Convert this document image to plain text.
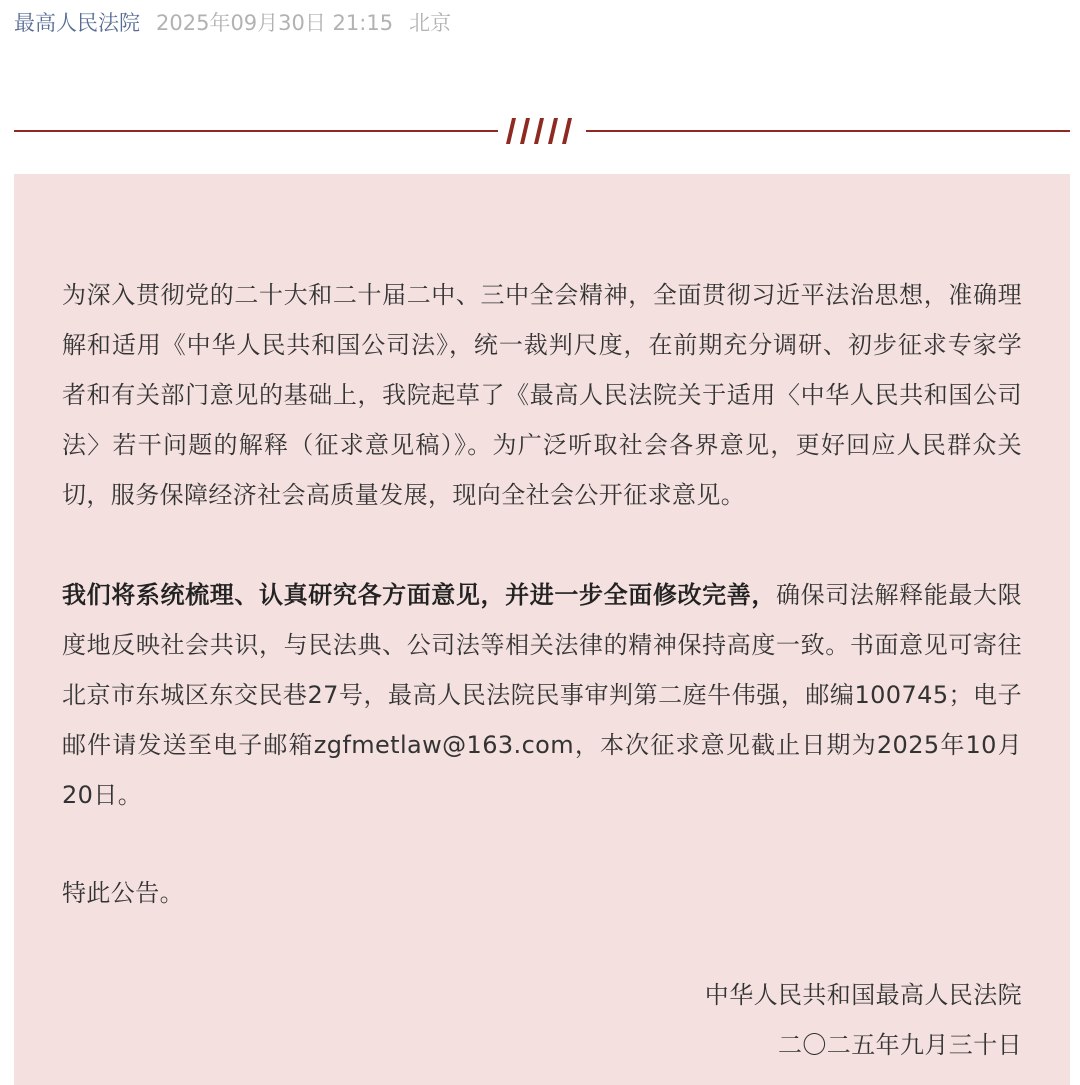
最高人民法院 2025年09月30日 21:15 北京

为深入贯彻党的二十大和二十届二中、三中全会精神，全面贯彻习近平法治思想，准确理解和适用《中华人民共和国公司法》，统一裁判尺度，在前期充分调研、初步征求专家学者和有关部门意见的基础上，我院起草了《最高人民法院关于适用〈中华人民共和国公司法〉若干问题的解释（征求意见稿）》。为广泛听取社会各界意见，更好回应人民群众关切，服务保障经济社会高质量发展，现向全社会公开征求意见。

我们将系统梳理、认真研究各方面意见，并进一步全面修改完善，确保司法解释能最大限度地反映社会共识，与民法典、公司法等相关法律的精神保持高度一致。书面意见可寄往北京市东城区东交民巷27号，最高人民法院民事审判第二庭牛伟强，邮编100745；电子邮件请发送至电子邮箱zgfmetlaw@163.com，本次征求意见截止日期为2025年10月20日。

特此公告。

中华人民共和国最高人民法院
二〇二五年九月三十日
